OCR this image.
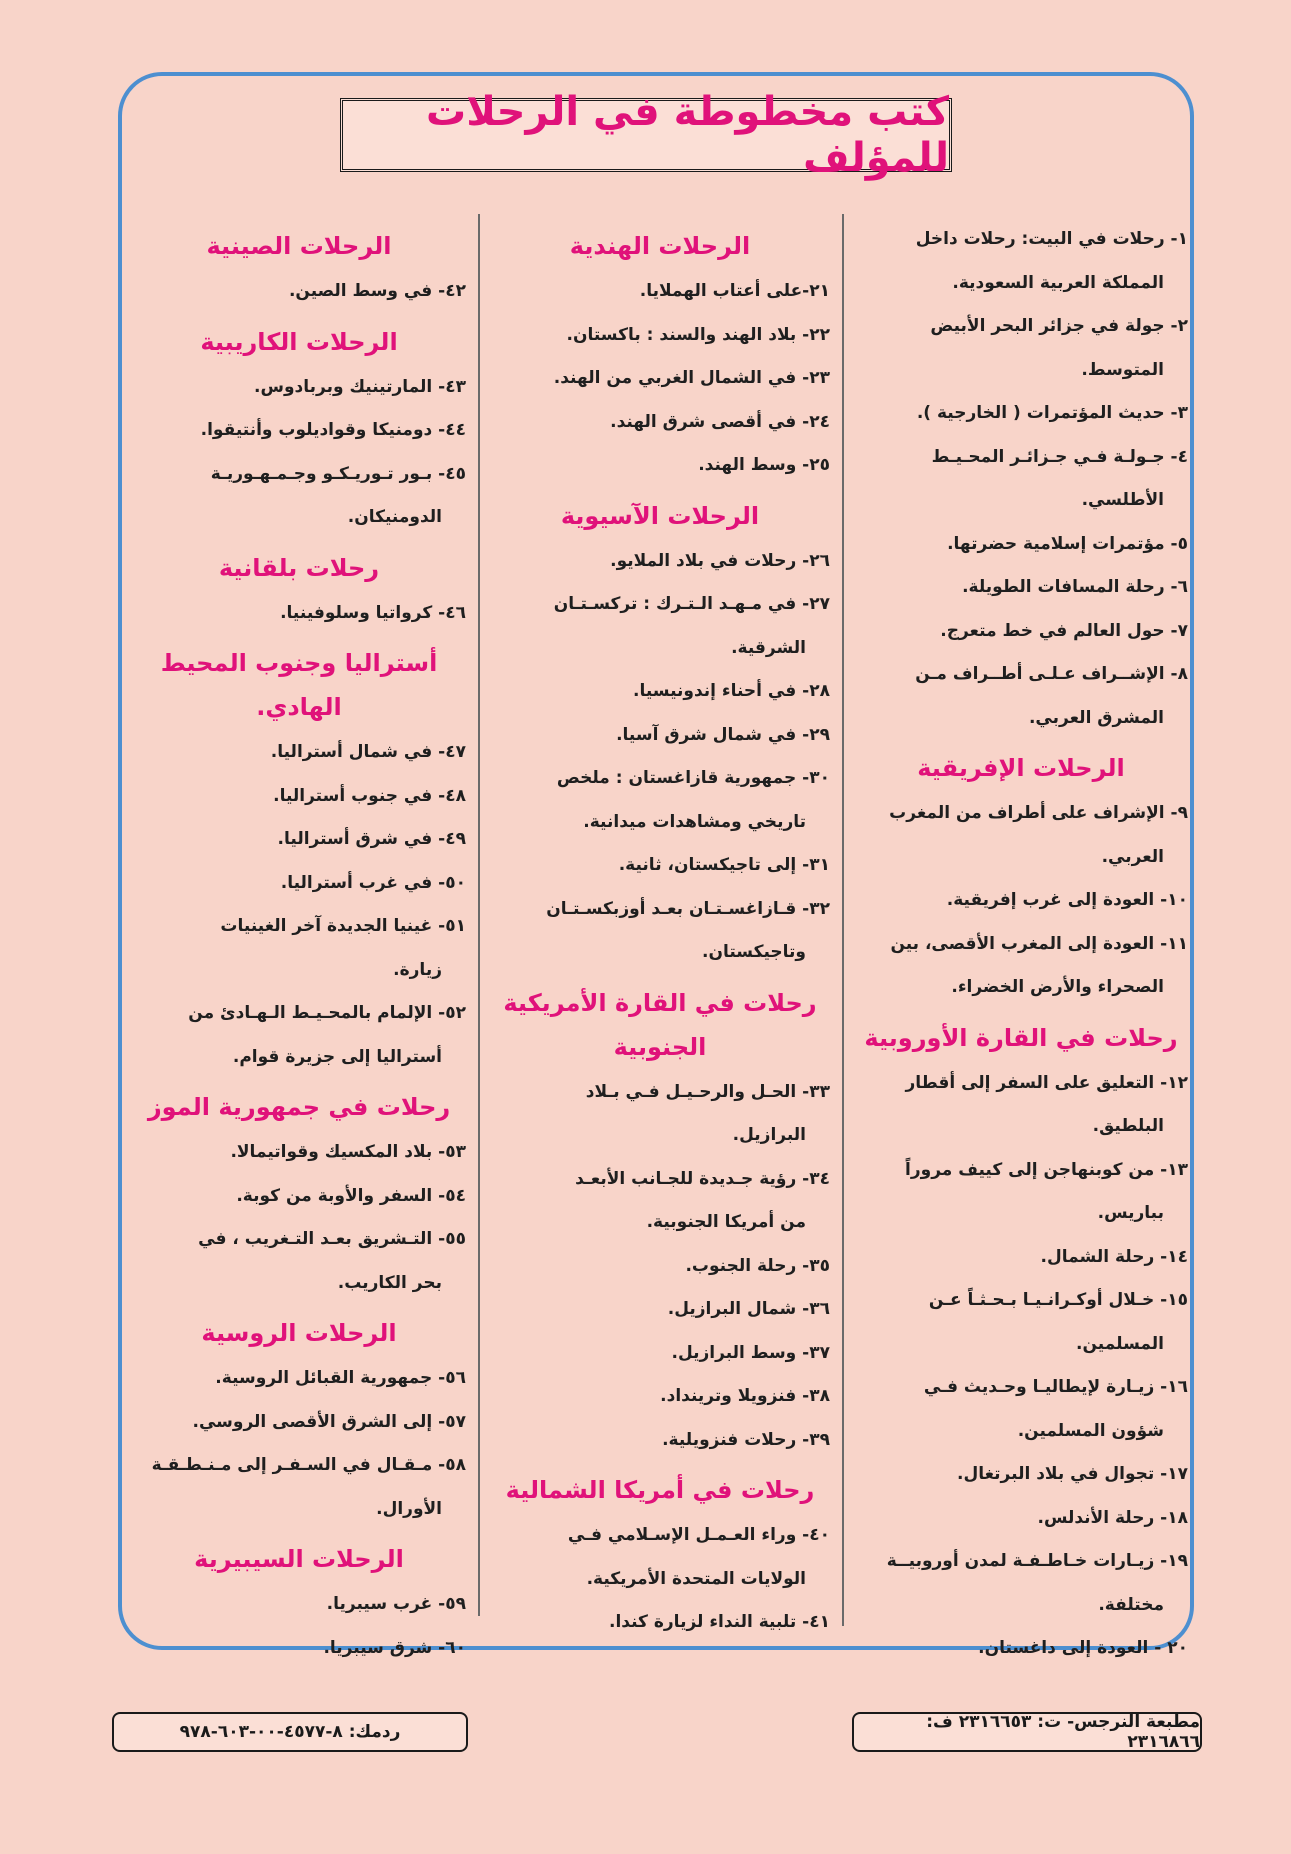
كتب مخطوطة في الرحلات للمؤلف
١- رحلات في البيت: رحلات داخل
المملكة العربية السعودية.
٢- جولة في جزائر البحر الأبيض
المتوسط.
٣- حديث المؤتمرات ( الخارجية ).
٤- جـولـة فـي جـزائـر المحـيـط
الأطلسي.
٥- مؤتمرات إسلامية حضرتها.
٦- رحلة المسافات الطويلة.
٧- حول العالم في خط متعرج.
٨- الإشــراف عـلـى أطــراف مـن
المشرق العربي.
الرحلات الإفريقية
٩- الإشراف على أطراف من المغرب
العربي.
١٠- العودة إلى غرب إفريقية.
١١- العودة إلى المغرب الأقصى، بين
الصحراء والأرض الخضراء.
رحلات في القارة الأوروبية
١٢- التعليق على السفر إلى أقطار
البلطيق.
١٣- من كوبنهاجن إلى كييف مروراً
بباريس.
١٤- رحلة الشمال.
١٥- خـلال أوكـرانـيـا بـحـثـاً عـن
المسلمين.
١٦- زيـارة لإيطاليـا وحـديث فـي
شؤون المسلمين.
١٧- تجوال في بلاد البرتغال.
١٨- رحلة الأندلس.
١٩- زيـارات خـاطـفـة لمدن أوروبيــة
مختلفة.
٢٠ - العودة إلى داغستان.
الرحلات الهندية
٢١-على أعتاب الهملايا.
٢٢- بلاد الهند والسند : باكستان.
٢٣- في الشمال الغربي من الهند.
٢٤- في أقصى شرق الهند.
٢٥- وسط الهند.
الرحلات الآسيوية
٢٦- رحلات في بلاد الملايو.
٢٧- في مـهـد الـتـرك : تركسـتـان
الشرقية.
٢٨- في أحناء إندونيسيا.
٢٩- في شمال شرق آسيا.
٣٠- جمهورية قازاغستان : ملخص
تاريخي ومشاهدات ميدانية.
٣١- إلى تاجيكستان، ثانية.
٣٢- قـازاغسـتـان بعـد أوزبكسـتـان
وتاجيكستان.
رحلات في القارة الأمريكية الجنوبية
٣٣- الحـل والرحـيـل فـي بـلاد
البرازيل.
٣٤- رؤية جـديدة للجـانب الأبعـد
من أمريكا الجنوبية.
٣٥- رحلة الجنوب.
٣٦- شمال البرازيل.
٣٧- وسط البرازيل.
٣٨- فنزويلا وترينداد.
٣٩- رحلات فنزويلية.
رحلات في أمريكا الشمالية
٤٠- وراء العـمـل الإسـلامي فـي
الولايات المتحدة الأمريكية.
٤١- تلبية النداء لزيارة كندا.
الرحلات الصينية
٤٢- في وسط الصين.
الرحلات الكاريبية
٤٣- المارتينيك وبربادوس.
٤٤- دومنيكا وقواديلوب وأنتيقوا.
٤٥- بـور تـوريـكـو وجـمـهـوريـة
الدومنيكان.
رحلات بلقانية
٤٦- كرواتيا وسلوفينيا.
أستراليا وجنوب المحيط الهادي.
٤٧- في شمال أستراليا.
٤٨- في جنوب أستراليا.
٤٩- في شرق أستراليا.
٥٠- في غرب أستراليا.
٥١- غينيا الجديدة آخر الغينيات
زيارة.
٥٢- الإلمام بالمحـيـط الـهـادئ من
أستراليا إلى جزيرة قوام.
رحلات في جمهورية الموز
٥٣- بلاد المكسيك وقواتيمالا.
٥٤- السفر والأوبة من كوبة.
٥٥- التـشريق بعـد التـغريب ، في
بحر الكاريب.
الرحلات الروسية
٥٦- جمهورية القبائل الروسية.
٥٧- إلى الشرق الأقصى الروسي.
٥٨- مـقـال في السـفـر إلى مـنـطـقـة
الأورال.
الرحلات السيبيرية
٥٩- غرب سيبريا.
٦٠- شرق سيبريا.
مطبعة النرجس- ت: ٢٣١٦٦٥٣ ف: ٢٣١٦٨٦٦
ردمك: ٨-٤٥٧٧-٠٠-٦٠٣-٩٧٨
